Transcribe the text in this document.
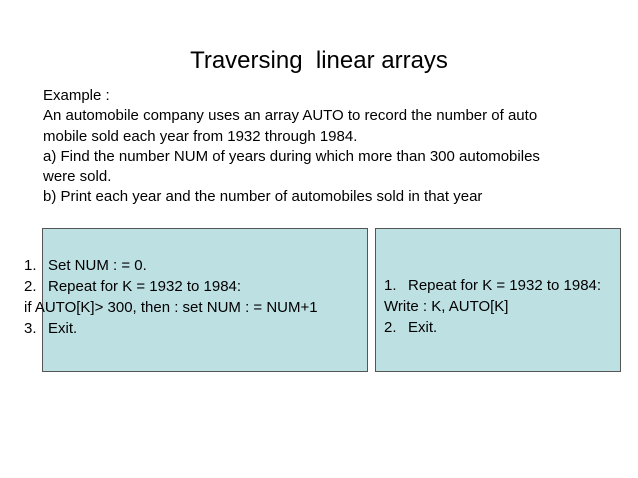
Traversing  linear arrays
Example :
An automobile company uses an array AUTO to record the number of auto
mobile sold each year from 1932 through 1984.
a) Find the number NUM of years during which more than 300 automobiles
were sold.
b) Print each year and the number of automobiles sold in that year
1. Set NUM : = 0.
2. Repeat for K = 1932 to 1984:
if AUTO[K]> 300, then : set NUM : = NUM+1
3. Exit.
1. Repeat for K = 1932 to 1984:
Write : K, AUTO[K]
2. Exit.
